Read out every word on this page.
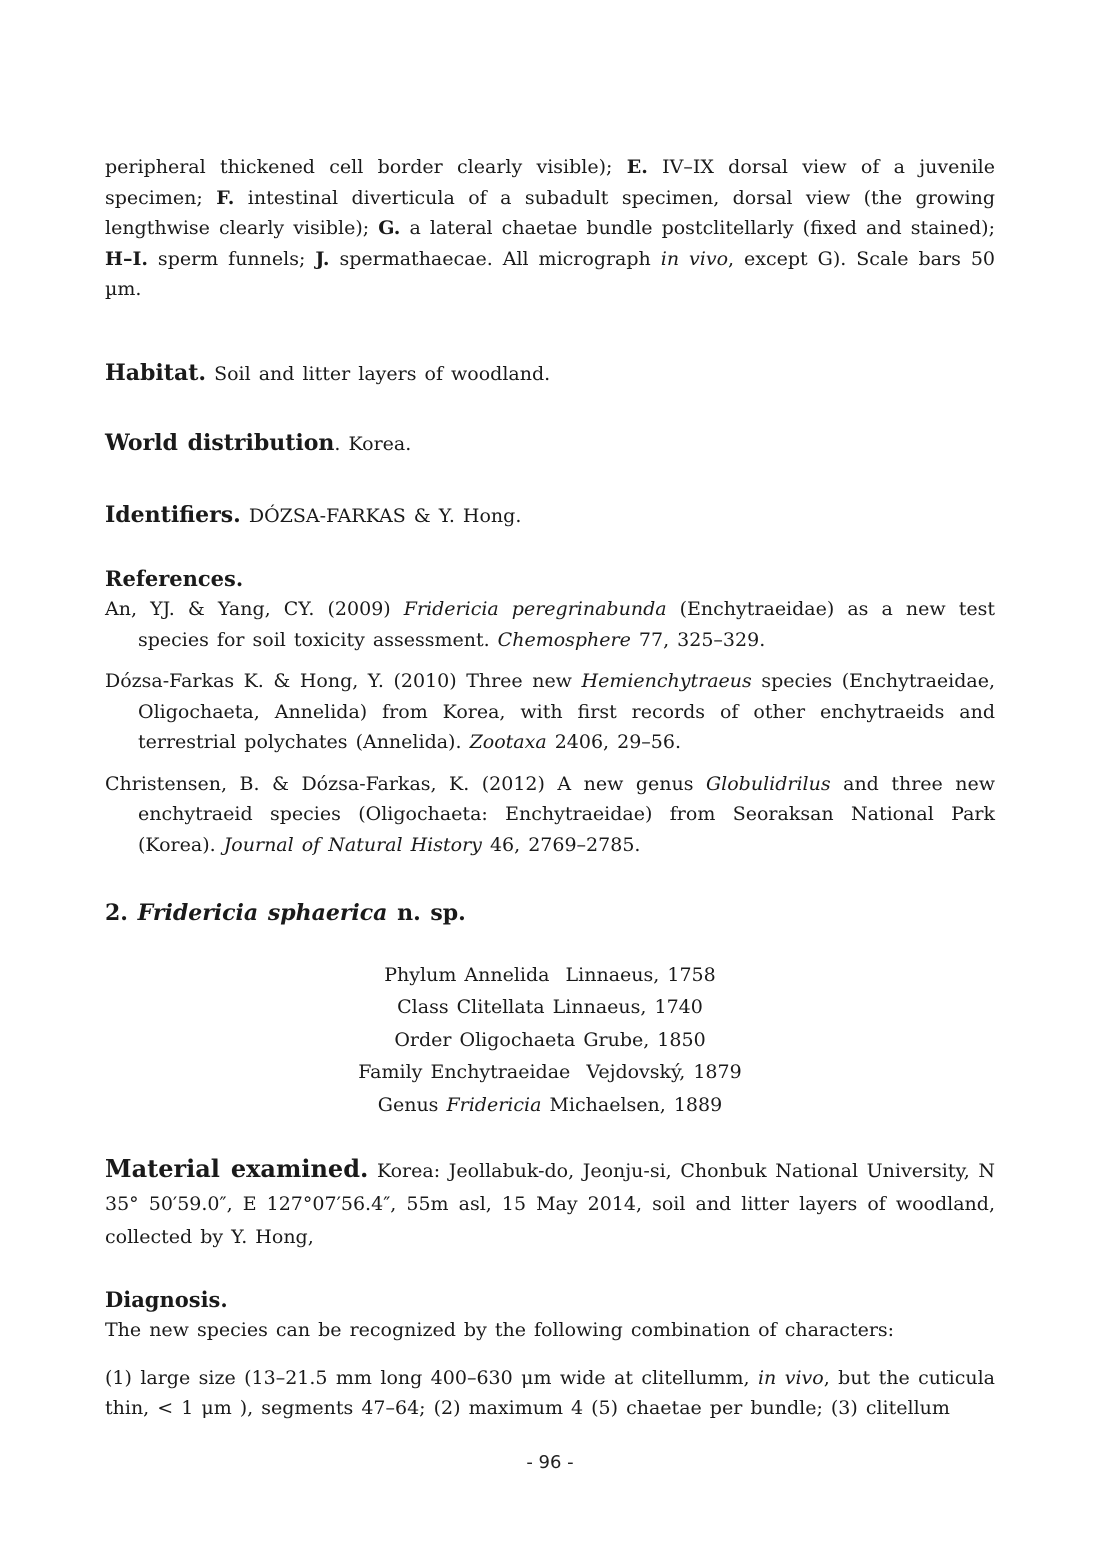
peripheral thickened cell border clearly visible); E. IV–IX dorsal view of a juvenile specimen; F. intestinal diverticula of a subadult specimen, dorsal view (the growing lengthwise clearly visible); G. a lateral chaetae bundle postclitellarly (fixed and stained); H–I. sperm funnels; J. spermathaecae. All micrograph in vivo, except G). Scale bars 50 µm.

Habitat. Soil and litter layers of woodland.

World distribution. Korea.

Identifiers. DÓZSA-FARKAS & Y. Hong.

References.

An, YJ. & Yang, CY. (2009) Fridericia peregrinabunda (Enchytraeidae) as a new test species for soil toxicity assessment. Chemosphere 77, 325–329.

Dózsa-Farkas K. & Hong, Y. (2010) Three new Hemienchytraeus species (Enchytraeidae, Oligochaeta, Annelida) from Korea, with first records of other enchytraeids and terrestrial polychates (Annelida). Zootaxa 2406, 29–56.

Christensen, B. & Dózsa-Farkas, K. (2012) A new genus Globulidrilus and three new enchytraeid species (Oligochaeta: Enchytraeidae) from Seoraksan National Park (Korea). Journal of Natural History 46, 2769–2785.

2. Fridericia sphaerica n. sp.
Phylum Annelida  Linnaeus, 1758
Class Clitellata Linnaeus, 1740
Order Oligochaeta Grube, 1850
Family Enchytraeidae  Vejdovský, 1879
Genus Fridericia Michaelsen, 1889

Material examined. Korea: Jeollabuk-do, Jeonju-si, Chonbuk National University, N 35° 50′59.0″, E 127°07′56.4″, 55m asl, 15 May 2014, soil and litter layers of woodland, collected by Y. Hong,

Diagnosis.

The new species can be recognized by the following combination of characters:

(1) large size (13–21.5 mm long 400–630 μm wide at clitellumm, in vivo, but the cuticula thin, < 1 μm ), segments 47–64; (2) maximum 4 (5) chaetae per bundle; (3) clitellum

- 96 -
